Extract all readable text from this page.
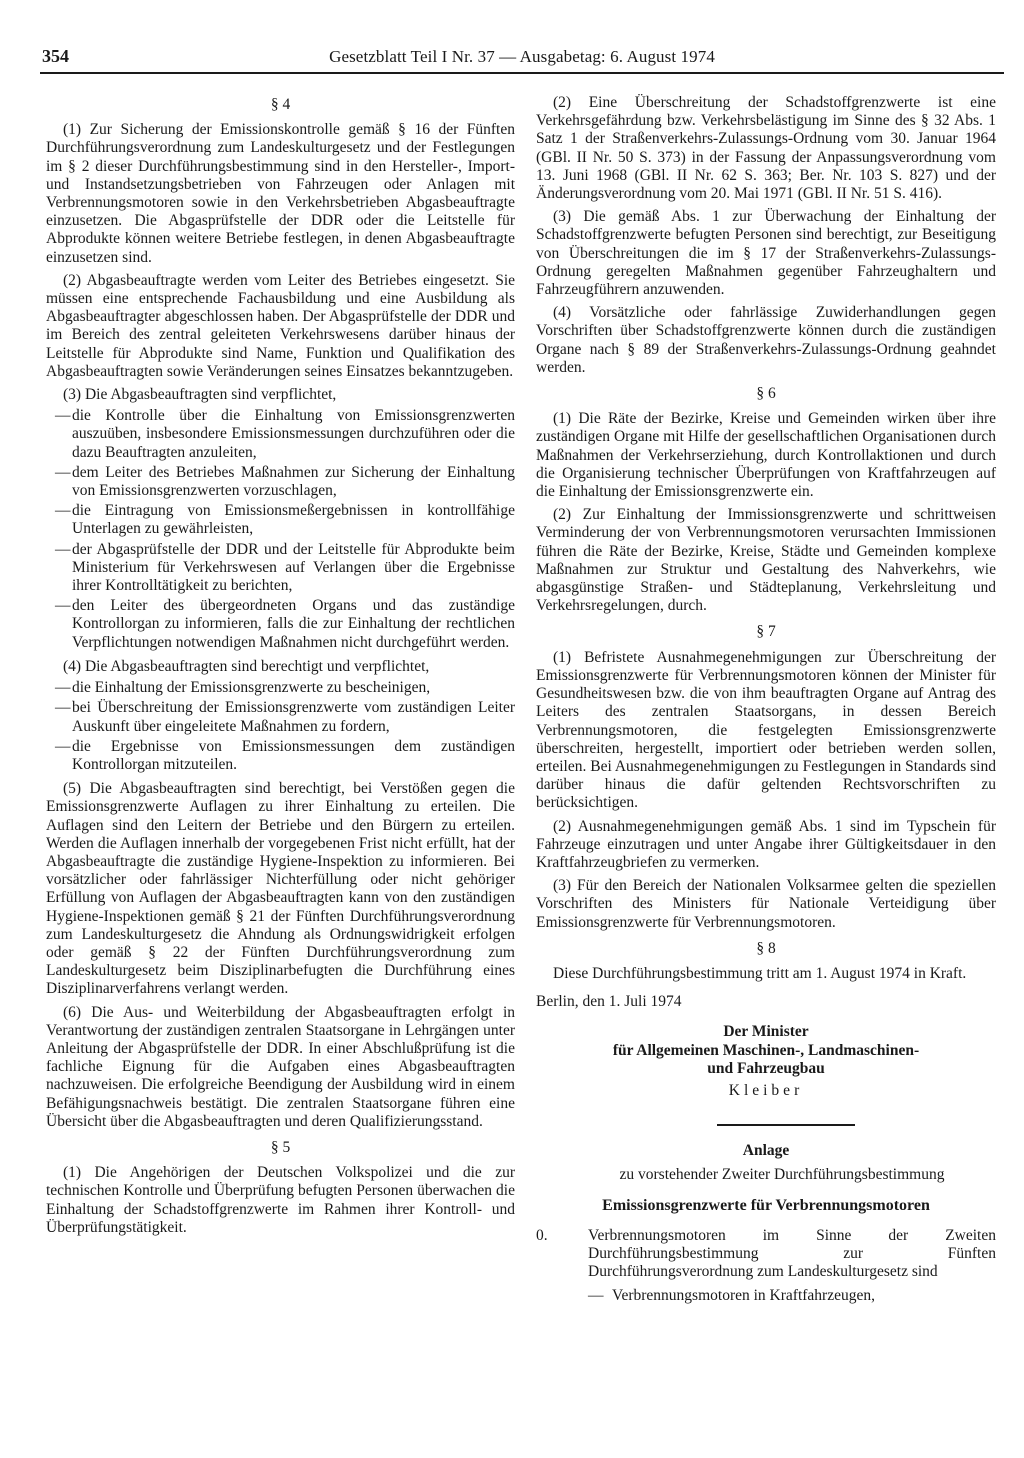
354	Gesetzblatt Teil I Nr. 37 — Ausgabetag: 6. August 1974

§ 4

(1) Zur Sicherung der Emissionskontrolle gemäß § 16 der Fünften Durchführungsverordnung zum Landeskulturgesetz und der Festlegungen im § 2 dieser Durchführungsbestimmung sind in den Hersteller-, Import- und Instandsetzungsbetrieben von Fahrzeugen oder Anlagen mit Verbrennungsmotoren sowie in den Verkehrsbetrieben Abgasbeauftragte einzusetzen. Die Abgasprüfstelle der DDR oder die Leitstelle für Abprodukte können weitere Betriebe festlegen, in denen Abgasbeauftragte einzusetzen sind.

(2) Abgasbeauftragte werden vom Leiter des Betriebes eingesetzt. Sie müssen eine entsprechende Fachausbildung und eine Ausbildung als Abgasbeauftragter abgeschlossen haben. Der Abgasprüfstelle der DDR und im Bereich des zentral geleiteten Verkehrswesens darüber hinaus der Leitstelle für Abprodukte sind Name, Funktion und Qualifikation des Abgasbeauftragten sowie Veränderungen seines Einsatzes bekanntzugeben.

(3) Die Abgasbeauftragten sind verpflichtet,

— die Kontrolle über die Einhaltung von Emissionsgrenzwerten auszuüben, insbesondere Emissionsmessungen durchzuführen oder die dazu Beauftragten anzuleiten,

— dem Leiter des Betriebes Maßnahmen zur Sicherung der Einhaltung von Emissionsgrenzwerten vorzuschlagen,

— die Eintragung von Emissionsmeßergebnissen in kontrollfähige Unterlagen zu gewährleisten,

— der Abgasprüfstelle der DDR und der Leitstelle für Abprodukte beim Ministerium für Verkehrswesen auf Verlangen über die Ergebnisse ihrer Kontrolltätigkeit zu berichten,

— den Leiter des übergeordneten Organs und das zuständige Kontrollorgan zu informieren, falls die zur Einhaltung der rechtlichen Verpflichtungen notwendigen Maßnahmen nicht durchgeführt werden.

(4) Die Abgasbeauftragten sind berechtigt und verpflichtet,

— die Einhaltung der Emissionsgrenzwerte zu bescheinigen,

— bei Überschreitung der Emissionsgrenzwerte vom zuständigen Leiter Auskunft über eingeleitete Maßnahmen zu fordern,

— die Ergebnisse von Emissionsmessungen dem zuständigen Kontrollorgan mitzuteilen.

(5) Die Abgasbeauftragten sind berechtigt, bei Verstößen gegen die Emissionsgrenzwerte Auflagen zu ihrer Einhaltung zu erteilen. Die Auflagen sind den Leitern der Betriebe und den Bürgern zu erteilen. Werden die Auflagen innerhalb der vorgegebenen Frist nicht erfüllt, hat der Abgasbeauftragte die zuständige Hygiene-Inspektion zu informieren. Bei vorsätzlicher oder fahrlässiger Nichterfüllung oder nicht gehöriger Erfüllung von Auflagen der Abgasbeauftragten kann von den zuständigen Hygiene-Inspektionen gemäß § 21 der Fünften Durchführungsverordnung zum Landeskulturgesetz die Ahndung als Ordnungswidrigkeit erfolgen oder gemäß § 22 der Fünften Durchführungsverordnung zum Landeskulturgesetz beim Disziplinarbefugten die Durchführung eines Disziplinarverfahrens verlangt werden.

(6) Die Aus- und Weiterbildung der Abgasbeauftragten erfolgt in Verantwortung der zuständigen zentralen Staatsorgane in Lehrgängen unter Anleitung der Abgasprüfstelle der DDR. In einer Abschlußprüfung ist die fachliche Eignung für die Aufgaben eines Abgasbeauftragten nachzuweisen. Die erfolgreiche Beendigung der Ausbildung wird in einem Befähigungsnachweis bestätigt. Die zentralen Staatsorgane führen eine Übersicht über die Abgasbeauftragten und deren Qualifizierungsstand.

§ 5

(1) Die Angehörigen der Deutschen Volkspolizei und die zur technischen Kontrolle und Überprüfung befugten Personen überwachen die Einhaltung der Schadstoffgrenzwerte im Rahmen ihrer Kontroll- und Überprüfungstätigkeit.

(2) Eine Überschreitung der Schadstoffgrenzwerte ist eine Verkehrsgefährdung bzw. Verkehrsbelästigung im Sinne des § 32 Abs. 1 Satz 1 der Straßenverkehrs-Zulassungs-Ordnung vom 30. Januar 1964 (GBl. II Nr. 50 S. 373) in der Fassung der Anpassungsverordnung vom 13. Juni 1968 (GBl. II Nr. 62 S. 363; Ber. Nr. 103 S. 827) und der Änderungsverordnung vom 20. Mai 1971 (GBl. II Nr. 51 S. 416).

(3) Die gemäß Abs. 1 zur Überwachung der Einhaltung der Schadstoffgrenzwerte befugten Personen sind berechtigt, zur Beseitigung von Überschreitungen die im § 17 der Straßenverkehrs-Zulassungs-Ordnung geregelten Maßnahmen gegenüber Fahrzeughaltern und Fahrzeugführern anzuwenden.

(4) Vorsätzliche oder fahrlässige Zuwiderhandlungen gegen Vorschriften über Schadstoffgrenzwerte können durch die zuständigen Organe nach § 89 der Straßenverkehrs-Zulassungs-Ordnung geahndet werden.

§ 6

(1) Die Räte der Bezirke, Kreise und Gemeinden wirken über ihre zuständigen Organe mit Hilfe der gesellschaftlichen Organisationen durch Maßnahmen der Verkehrserziehung, durch Kontrollaktionen und durch die Organisierung technischer Überprüfungen von Kraftfahrzeugen auf die Einhaltung der Emissionsgrenzwerte ein.

(2) Zur Einhaltung der Immissionsgrenzwerte und schrittweisen Verminderung der von Verbrennungsmotoren verursachten Immissionen führen die Räte der Bezirke, Kreise, Städte und Gemeinden komplexe Maßnahmen zur Struktur und Gestaltung des Nahverkehrs, wie abgasgünstige Straßen- und Städteplanung, Verkehrsleitung und Verkehrsregelungen, durch.

§ 7

(1) Befristete Ausnahmegenehmigungen zur Überschreitung der Emissionsgrenzwerte für Verbrennungsmotoren können der Minister für Gesundheitswesen bzw. die von ihm beauftragten Organe auf Antrag des Leiters des zentralen Staatsorgans, in dessen Bereich Verbrennungsmotoren, die festgelegten Emissionsgrenzwerte überschreiten, hergestellt, importiert oder betrieben werden sollen, erteilen. Bei Ausnahmegenehmigungen zu Festlegungen in Standards sind darüber hinaus die dafür geltenden Rechtsvorschriften zu berücksichtigen.

(2) Ausnahmegenehmigungen gemäß Abs. 1 sind im Typschein für Fahrzeuge einzutragen und unter Angabe ihrer Gültigkeitsdauer in den Kraftfahrzeugbriefen zu vermerken.

(3) Für den Bereich der Nationalen Volksarmee gelten die speziellen Vorschriften des Ministers für Nationale Verteidigung über Emissionsgrenzwerte für Verbrennungsmotoren.

§ 8

Diese Durchführungsbestimmung tritt am 1. August 1974 in Kraft.

Berlin, den 1. Juli 1974

Der Minister

für Allgemeinen Maschinen-, Landmaschinen-

und Fahrzeugbau

Kleiber

Anlage

zu vorstehender Zweiter Durchführungsbestimmung

Emissionsgrenzwerte für Verbrennungsmotoren

0.	Verbrennungsmotoren im Sinne der Zweiten Durchführungsbestimmung zur Fünften Durchführungsverordnung zum Landeskulturgesetz sind

— Verbrennungsmotoren in Kraftfahrzeugen,
